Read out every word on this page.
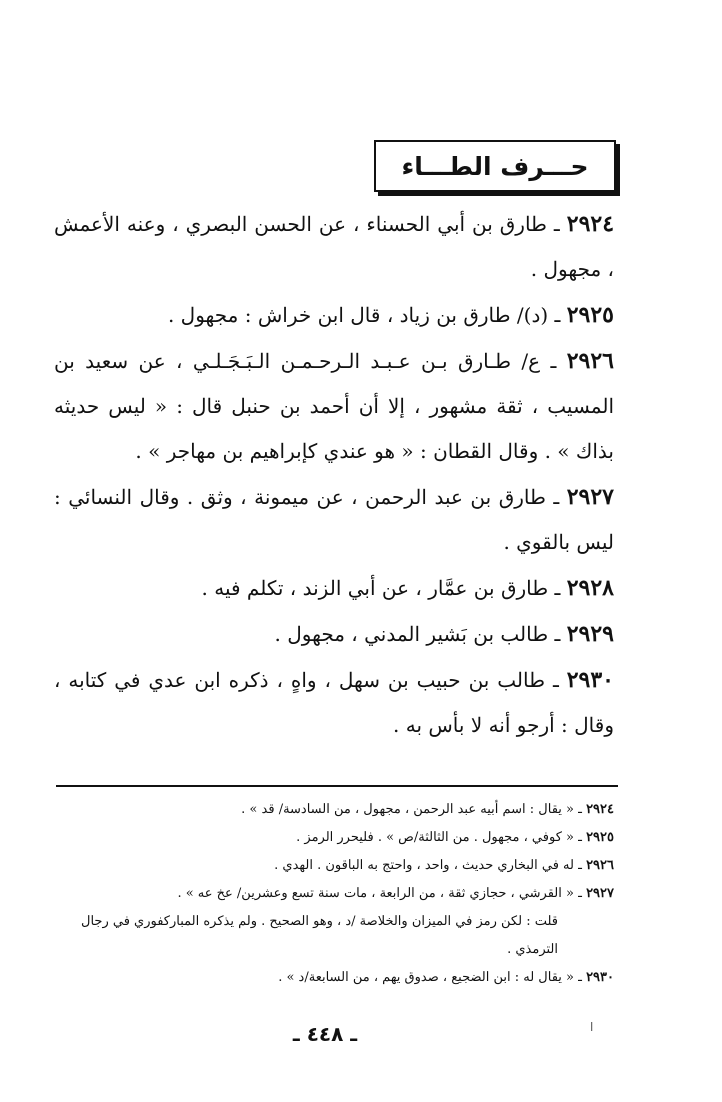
حـــرف الطـــاء

٢٩٢٤ ـ طارق بن أبي الحسناء ، عن الحسن البصري ، وعنه الأعمش ، مجهول .

٢٩٢٥ ـ (د)/ طارق بن زياد ، قال ابن خراش : مجهول .

٢٩٢٦ ـ ع/ طـارق بـن عـبـد الـرحـمـن الـبَـجَـلـي ، عن سعيد بن المسيب ، ثقة مشهور ، إلا أن أحمد بن حنبل قال : « ليس حديثه بذاك » . وقال القطان : « هو عندي كإبراهيم بن مهاجر » .

٢٩٢٧ ـ طارق بن عبد الرحمن ، عن ميمونة ، وثق . وقال النسائي : ليس بالقوي .

٢٩٢٨ ـ طارق بن عمَّار ، عن أبي الزند ، تكلم فيه .

٢٩٢٩ ـ طالب بن بَشير المدني ، مجهول .

٢٩٣٠ ـ طالب بن حبيب بن سهل ، واهٍ ، ذكره ابن عدي في كتابه ، وقال : أرجو أنه لا بأس به .

٢٩٢٤ ـ « يقال : اسم أبيه عبد الرحمن ، مجهول ، من السادسة/ قد » .
٢٩٢٥ ـ « كوفي ، مجهول . من الثالثة/ص » . فليحرر الرمز .
٢٩٢٦ ـ له في البخاري حديث ، واحد ، واحتج به الباقون . الهدي .
٢٩٢٧ ـ « القرشي ، حجازي ثقة ، من الرابعة ، مات سنة تسع وعشرين/ عخ عه » .
قلت : لكن رمز في الميزان والخلاصة /د ، وهو الصحيح . ولم يذكره المباركفوري في رجال الترمذي .
٢٩٣٠ ـ « يقال له : ابن الضجيع ، صدوق يهم ، من السابعة/د » .
ا
ـ ٤٤٨ ـ
